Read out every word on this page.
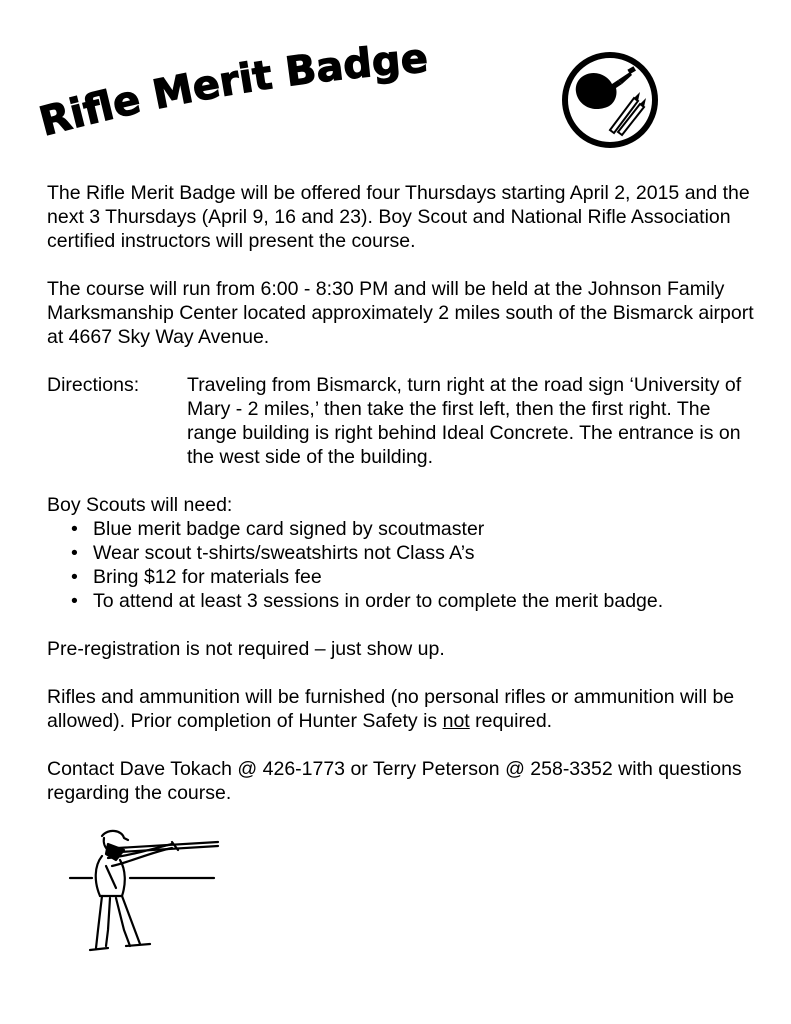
Rifle Merit Badge

The Rifle Merit Badge will be offered four Thursdays starting April 2, 2015 and the next 3 Thursdays (April 9, 16 and 23). Boy Scout and National Rifle Association certified instructors will present the course.

The course will run from 6:00 - 8:30 PM and will be held at the Johnson Family Marksmanship Center located approximately 2 miles south of the Bismarck airport at 4667 Sky Way Avenue.

Directions:	Traveling from Bismarck, turn right at the road sign ‘University of Mary - 2 miles,’ then take the first left, then the first right. The range building is right behind Ideal Concrete. The entrance is on the west side of the building.

Boy Scouts will need:

• Blue merit badge card signed by scoutmaster
• Wear scout t-shirts/sweatshirts not Class A’s
• Bring $12 for materials fee
• To attend at least 3 sessions in order to complete the merit badge.

Pre-registration is not required – just show up.

Rifles and ammunition will be furnished (no personal rifles or ammunition will be allowed). Prior completion of Hunter Safety is not required.

Contact Dave Tokach @ 426-1773 or Terry Peterson @ 258-3352 with questions regarding the course.
